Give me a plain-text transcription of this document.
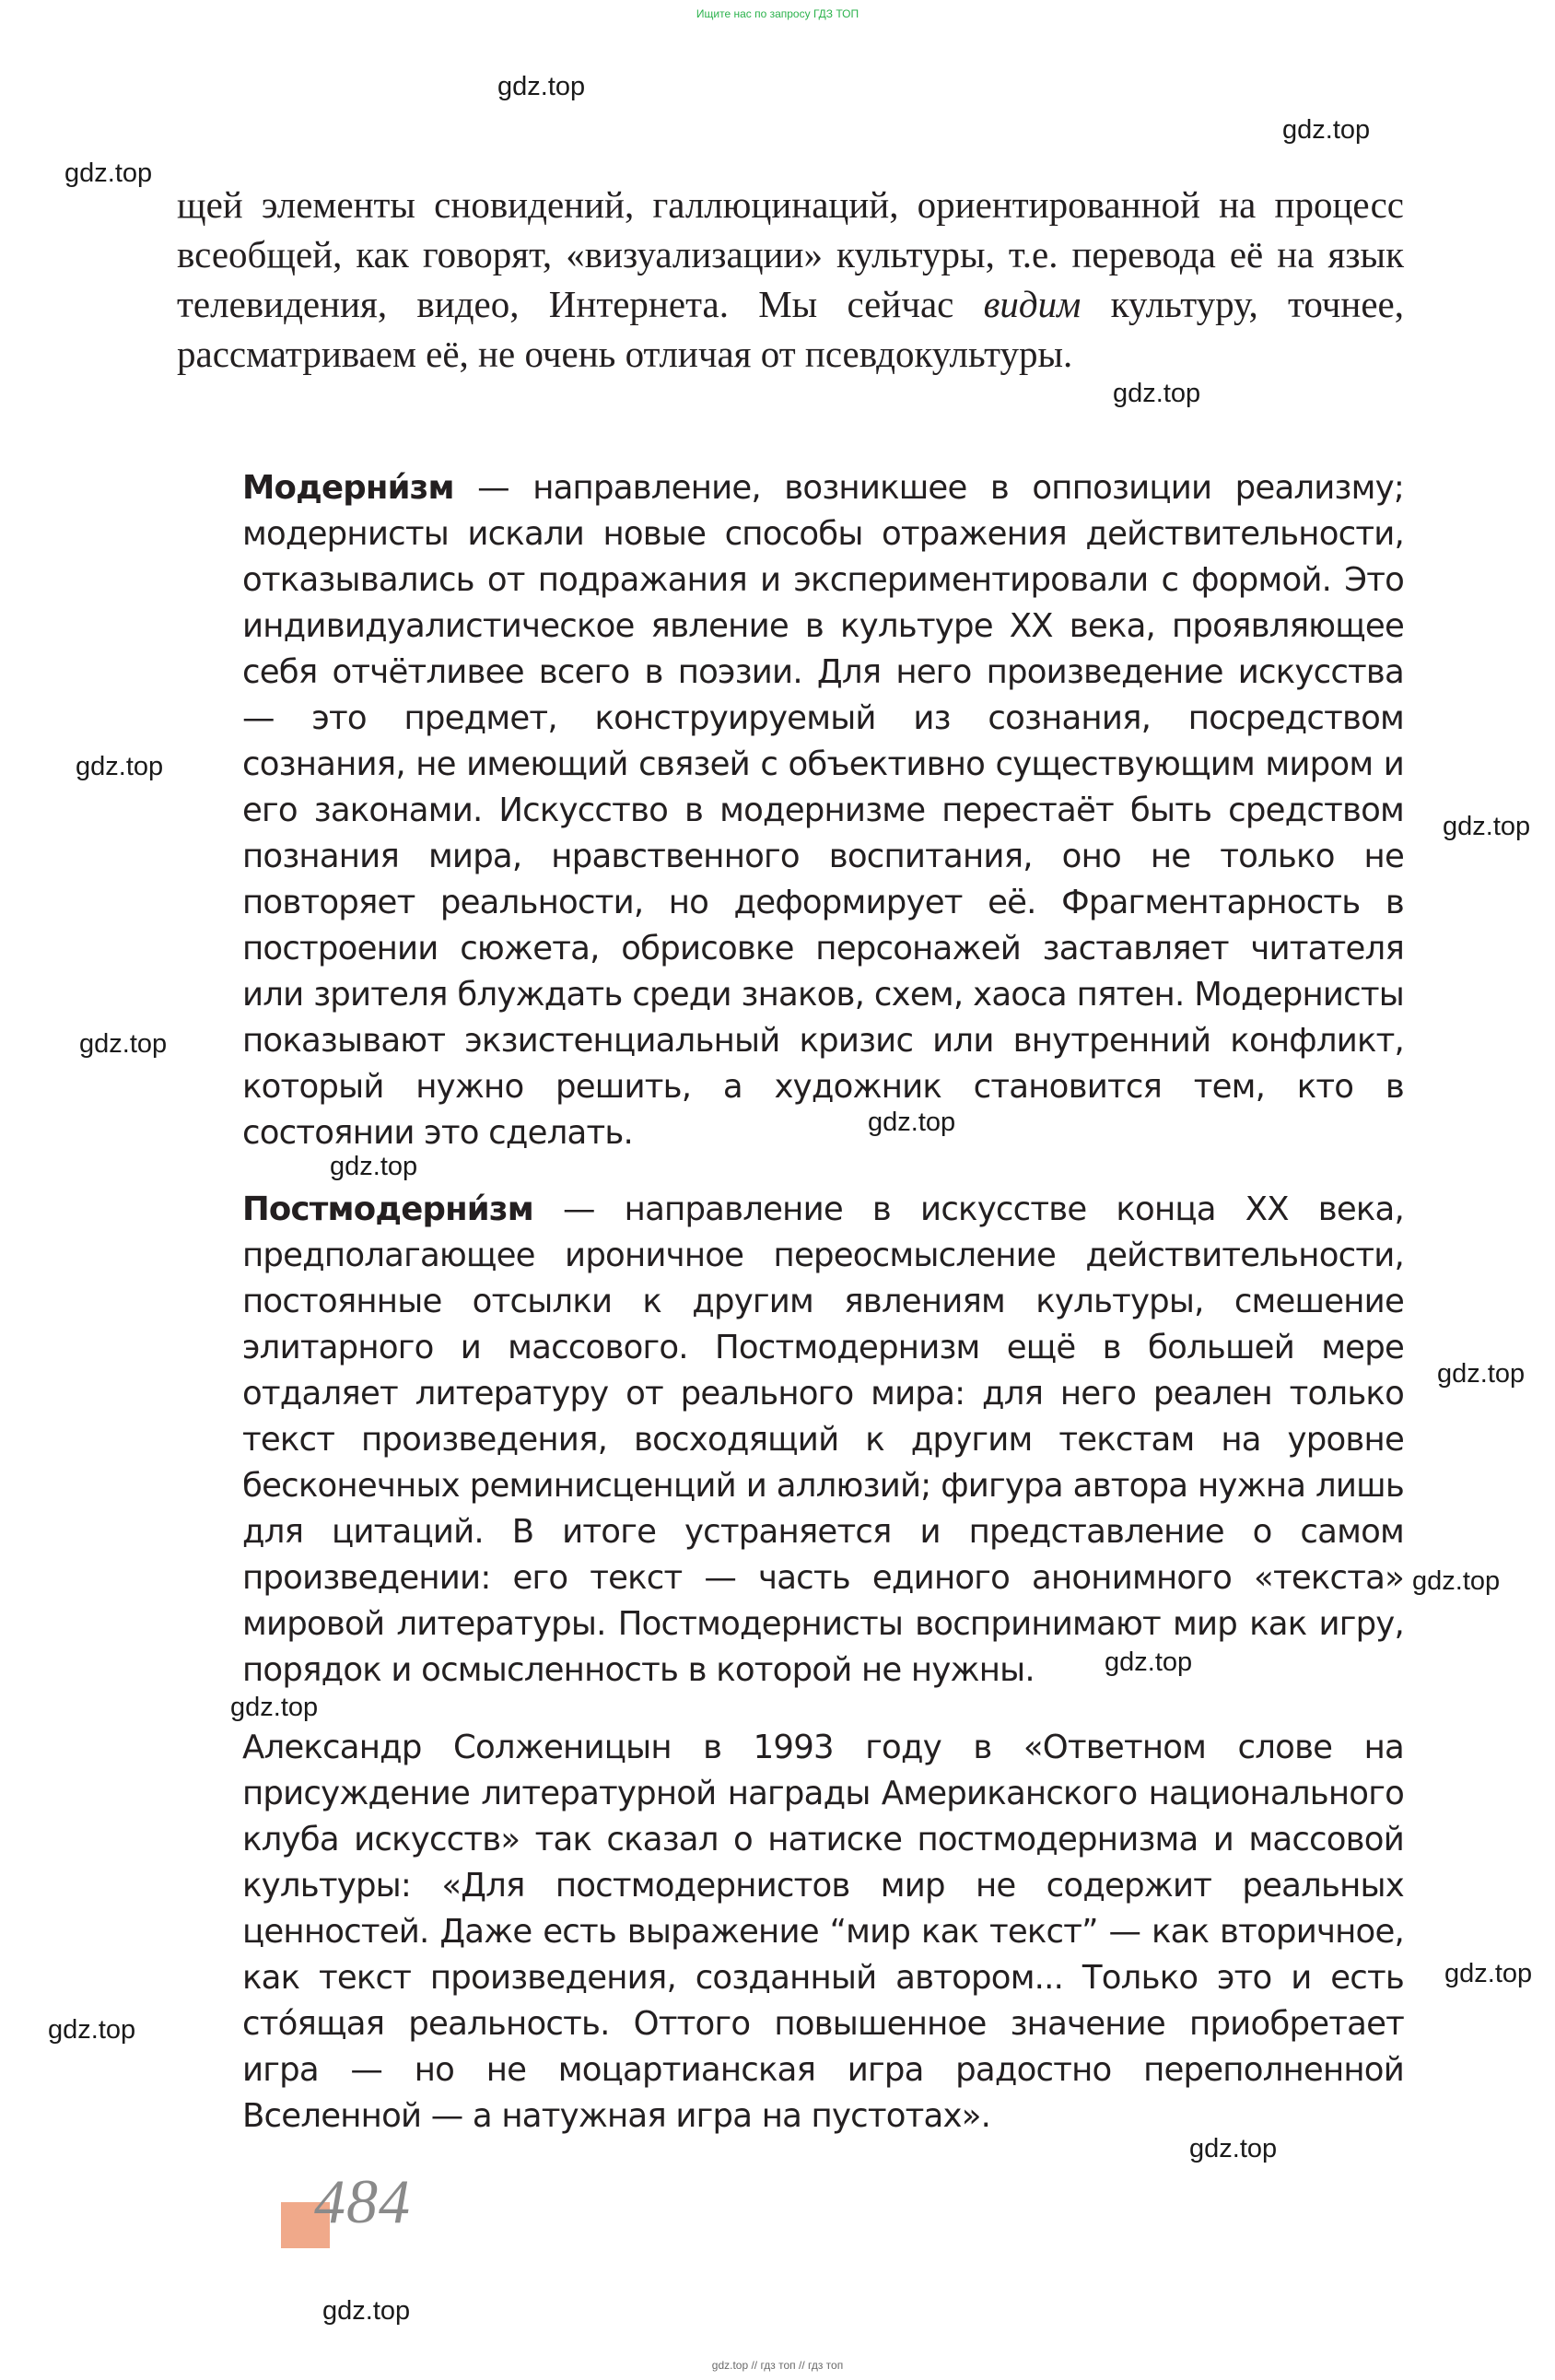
Ищите нас по запросу ГДЗ ТОП
gdz.top
gdz.top
gdz.top
gdz.top
gdz.top
gdz.top
gdz.top
gdz.top
gdz.top
gdz.top
gdz.top
gdz.top
gdz.top
gdz.top
gdz.top
gdz.top
gdz.top

щей элементы сновидений, галлюцинаций, ориентированной на процесс всеобщей, как говорят, «визуализации» культуры, т.е. перевода её на язык телевидения, видео, Интернета. Мы сейчас видим культуру, точнее, рассматриваем её, не очень отличая от псевдокультуры.

Модерни́зм — направление, возникшее в оппозиции реализму; модернисты искали новые способы отражения действительности, отказывались от подражания и экспериментировали с формой. Это индивидуалистическое явление в культуре XX века, проявляющее себя отчётливее всего в поэзии. Для него произведение искусства — это предмет, конструируемый из сознания, посредством сознания, не имеющий связей с объективно существующим миром и его законами. Искусство в модернизме перестаёт быть средством познания мира, нравственного воспитания, оно не только не повторяет реальности, но деформирует её. Фрагментарность в построении сюжета, обрисовке персонажей заставляет читателя или зрителя блуждать среди знаков, схем, хаоса пятен. Модернисты показывают экзистенциальный кризис или внутренний конфликт, который нужно решить, а художник становится тем, кто в состоянии это сделать.

Постмодерни́зм — направление в искусстве конца XX века, предполагающее ироничное переосмысление действительности, постоянные отсылки к другим явлениям культуры, смешение элитарного и массового. Постмодернизм ещё в большей мере отдаляет литературу от реального мира: для него реален только текст произведения, восходящий к другим текстам на уровне бесконечных реминисценций и аллюзий; фигура автора нужна лишь для цитаций. В итоге устраняется и представление о самом произведении: его текст — часть единого анонимного «текста» мировой литературы. Постмодернисты воспринимают мир как игру, порядок и осмысленность в которой не нужны.

Александр Солженицын в 1993 году в «Ответном слове на присуждение литературной награды Американского национального клуба искусств» так сказал о натиске постмодернизма и массовой культуры: «Для постмодернистов мир не содержит реальных ценностей. Даже есть выражение “мир как текст” — как вторичное, как текст произведения, созданный автором... Только это и есть сто́ящая реальность. Оттого повышенное значение приобретает игра — но не моцартианская игра радостно переполненной Вселенной — а натужная игра на пустотах».

484
gdz.top // гдз топ // гдз топ
